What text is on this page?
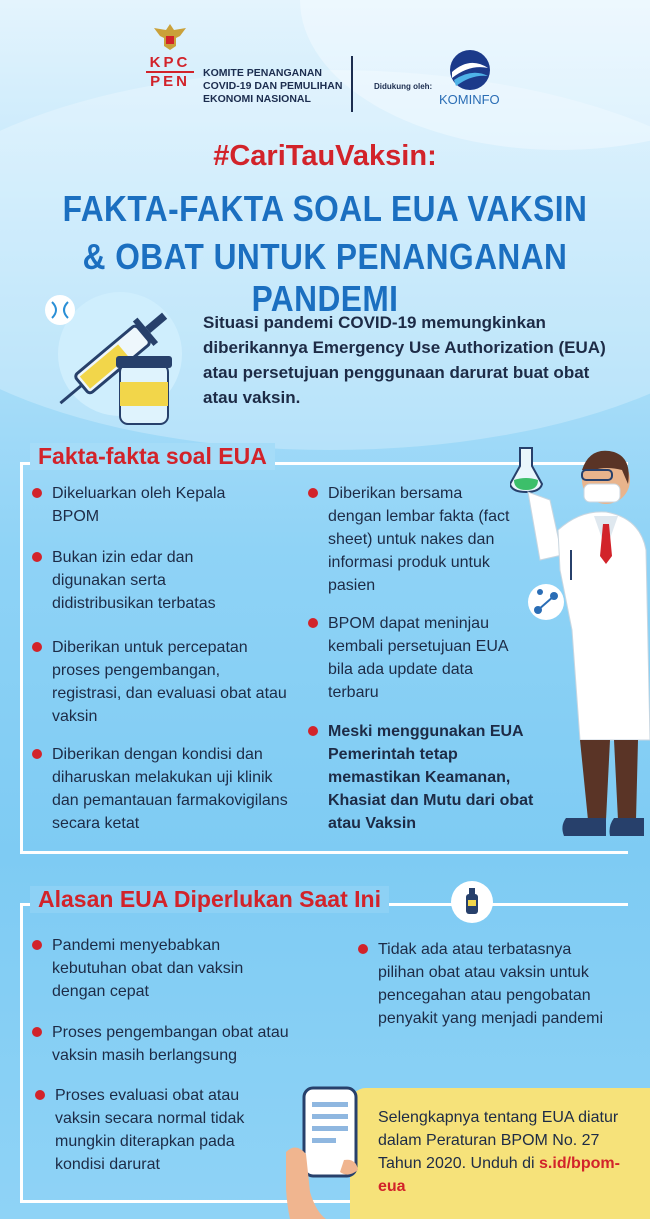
KPC
PEN	KOMITE PENANGANAN
COVID-19 DAN PEMULIHAN
EKONOMI NASIONAL
Didukung oleh:
KOMINFO
#CariTauVaksin:
FAKTA-FAKTA SOAL EUA VAKSIN
& OBAT UNTUK PENANGANAN PANDEMI
Situasi pandemi COVID-19 memungkinkan diberikannya Emergency Use Authorization (EUA) atau persetujuan penggunaan darurat buat obat atau vaksin.
Fakta-fakta soal EUA
Dikeluarkan oleh Kepala BPOM
Bukan izin edar dan digunakan serta didistribusikan terbatas
Diberikan untuk percepatan proses pengembangan, registrasi, dan evaluasi obat atau vaksin
Diberikan dengan kondisi dan diharuskan melakukan uji klinik dan pemantauan farmakovigilans secara ketat
Diberikan bersama dengan lembar fakta (fact sheet) untuk nakes dan informasi produk untuk pasien
BPOM dapat meninjau kembali persetujuan EUA bila ada update data terbaru
Meski menggunakan EUA Pemerintah tetap memastikan Keamanan, Khasiat dan Mutu dari obat atau Vaksin
Alasan EUA Diperlukan Saat Ini
Pandemi menyebabkan kebutuhan obat dan vaksin dengan cepat
Proses pengembangan obat atau vaksin masih berlangsung
Proses evaluasi obat atau vaksin secara normal tidak mungkin diterapkan pada kondisi darurat
Tidak ada atau terbatasnya pilihan obat atau vaksin untuk pencegahan atau pengobatan penyakit yang menjadi pandemi
Selengkapnya tentang EUA diatur dalam Peraturan BPOM No. 27 Tahun 2020. Unduh di s.id/bpom-eua
